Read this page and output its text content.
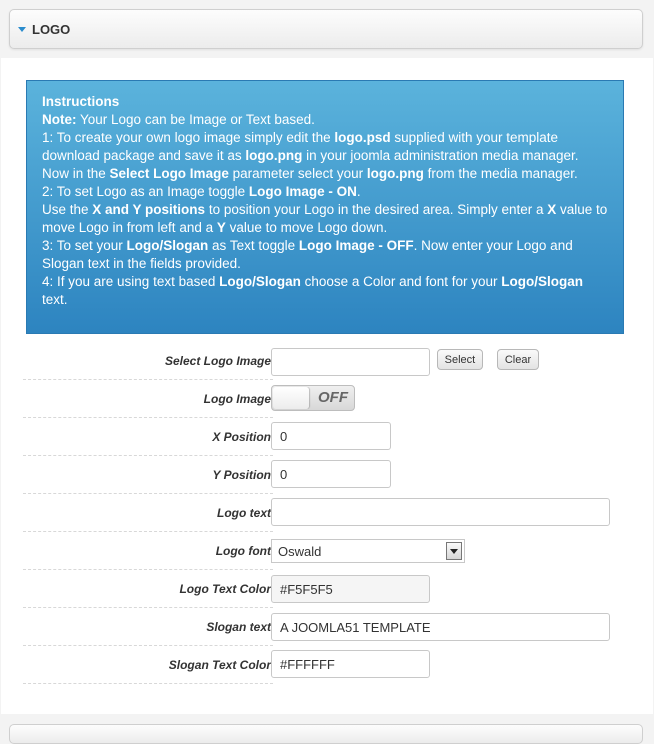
LOGO
Instructions
Note: Your Logo can be Image or Text based.
1: To create your own logo image simply edit the logo.psd supplied with your template download package and save it as logo.png in your joomla administration media manager. Now in the Select Logo Image parameter select your logo.png from the media manager.
2: To set Logo as an Image toggle Logo Image - ON.
Use the X and Y positions to position your Logo in the desired area. Simply enter a X value to move Logo in from left and a Y value to move Logo down.
3: To set your Logo/Slogan as Text toggle Logo Image - OFF. Now enter your Logo and Slogan text in the fields provided.
4: If you are using text based Logo/Slogan choose a Color and font for your Logo/Slogan text.
Select Logo Image	Select	Clear
Logo Image	OFF
X Position 0
Y Position 0
Logo text
Logo font Oswald
Logo Text Color #F5F5F5
Slogan text A JOOMLA51 TEMPLATE
Slogan Text Color #FFFFFF
